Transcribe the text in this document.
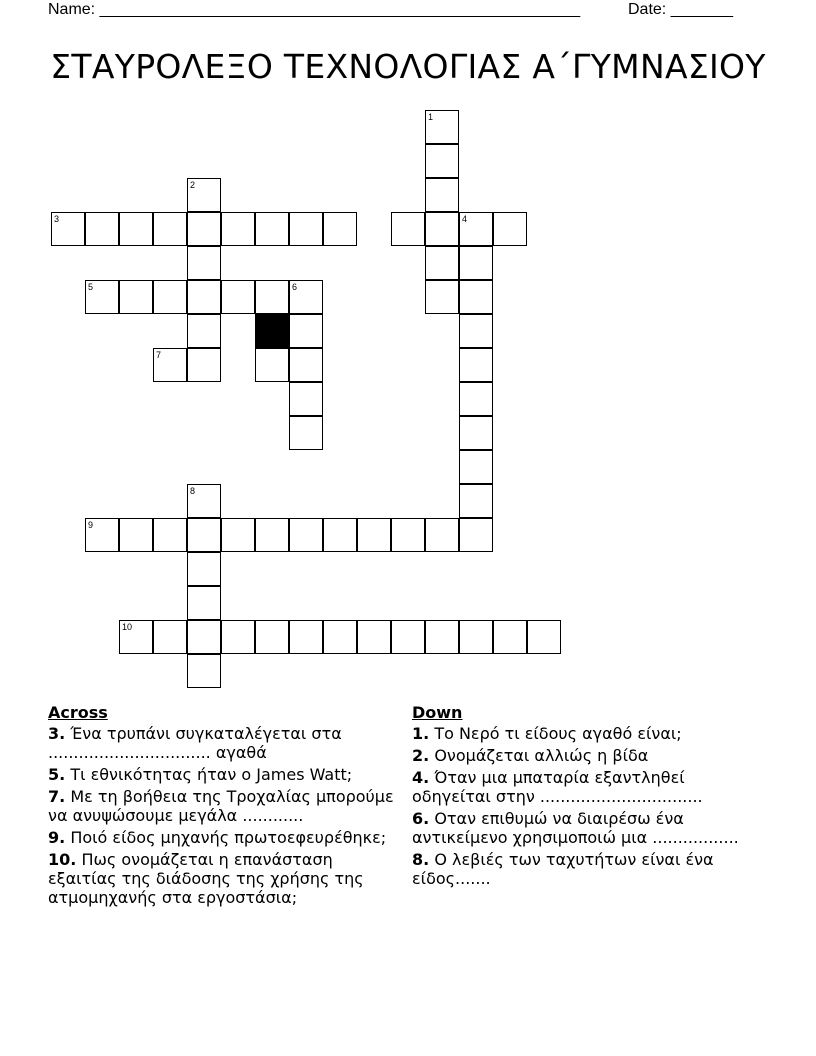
Name: ______________________________________________________	Date: _______
ΣΤΑΥΡΟΛΕΞΟ ΤΕΧΝΟΛΟΓΙΑΣ Α΄ΓΥΜΝΑΣΙΟΥ
1
2
4
3
5	6
7
8
9
10
Across
3. Ένα τρυπάνι συγκαταλέγεται στα ................................ αγαθά
5. Τι εθνικότητας ήταν ο James Watt;
7. Με τη βοήθεια της Τροχαλίας μπορούμε να ανυψώσουμε μεγάλα ............
9. Ποιό είδος μηχανής πρωτοεφευρέθηκε;
10. Πως ονομάζεται η επανάσταση εξαιτίας της διάδοσης της χρήσης της ατμομηχανής στα εργοστάσια;
Down
1. Το Νερό τι είδους αγαθό είναι;
2. Ονομάζεται αλλιώς η βίδα
4. Όταν μια μπαταρία εξαντληθεί οδηγείται στην ................................
6. Οταν επιθυμώ να διαιρέσω ένα αντικείμενο χρησιμοποιώ μια .................
8. Ο λεβιές των ταχυτήτων είναι ένα είδος.......
